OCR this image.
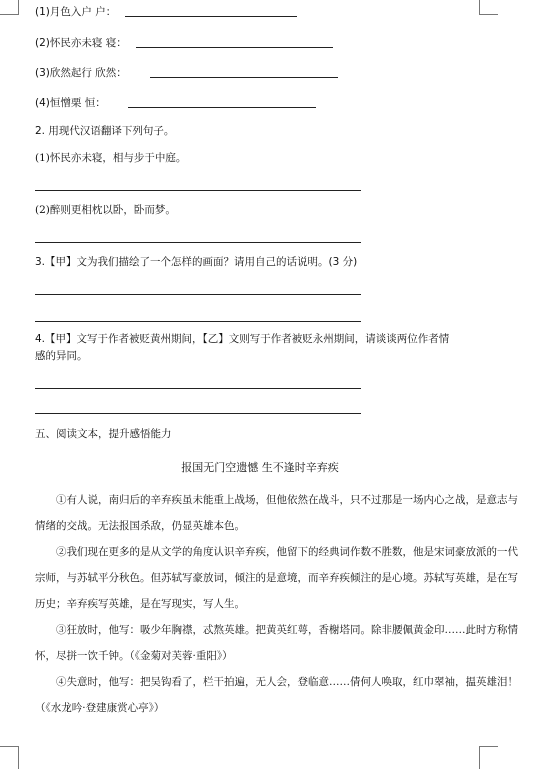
(1)月色入户 户：
(2)怀民亦未寝 寝：
(3)欣然起行 欣然：
(4)恒憎栗 恒：
2. 用现代汉语翻译下列句子。
(1)怀民亦未寝，相与步于中庭。
(2)醉则更相枕以卧，卧而梦。
3.【甲】文为我们描绘了一个怎样的画面？请用自己的话说明。(3 分)
4.【甲】文写于作者被贬黄州期间，【乙】文则写于作者被贬永州期间，请谈谈两位作者情
感的异同。
五、阅读文本，提升感悟能力
报国无门空遗憾 生不逢时辛弃疾

①有人说，南归后的辛弃疾虽未能重上战场，但他依然在战斗，只不过那是一场内心之战，是意志与情绪的交战。无法报国杀敌，仍显英雄本色。

②我们现在更多的是从文学的角度认识辛弃疾，他留下的经典词作数不胜数，他是宋词豪放派的一代宗师，与苏轼平分秋色。但苏轼写豪放词，倾注的是意境，而辛弃疾倾注的是心境。苏轼写英雄，是在写历史；辛弃疾写英雄，是在写现实，写人生。

③狂放时，他写：吸少年胸襟，忒熬英雄。把黄英红萼，香榭塔同。除非腰佩黄金印……此时方称情怀，尽拼一饮千钟。（《金菊对芙蓉·重阳》）

④失意时，他写：把吴钩看了，栏干拍遍，无人会，登临意……倩何人唤取，红巾翠袖，揾英雄泪！（《水龙吟·登建康赏心亭》）
